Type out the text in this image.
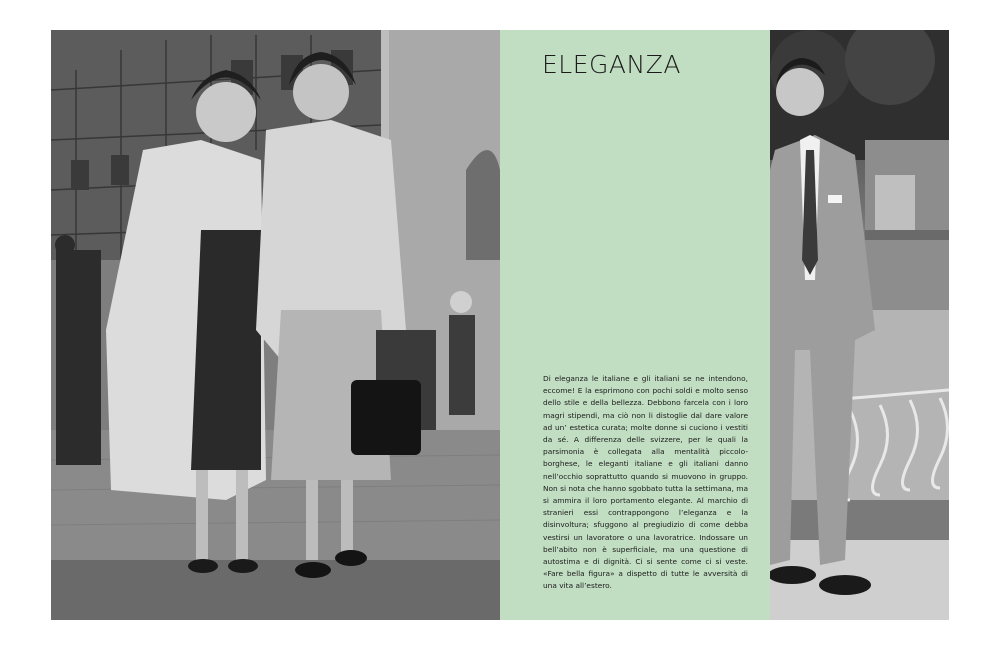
ELEGANZA

Di eleganza le italiane e gli italiani se ne intendono, eccome! E la esprimono con pochi soldi e molto senso dello stile e della bellezza. Debbono farcela con i loro magri stipendi, ma ciò non li distoglie dal dare valore ad un’ estetica curata; molte donne si cuciono i vestiti da sé. A differenza delle svizzere, per le quali la parsimonia è collegata alla mentalità piccolo-borghese, le eleganti italiane e gli italiani danno nell’occhio soprattutto quando si muovono in gruppo. Non si nota che hanno sgobbato tutta la settimana, ma si ammira il loro portamento elegante. Al marchio di stranieri essi contrappongono l’eleganza e la disinvoltura; sfuggono al pregiudizio di come debba vestirsi un lavoratore o una lavoratrice. Indossare un bell’abito non è superficiale, ma una questione di autostima e di dignità. Ci si sente come ci si veste. «Fare bella figura» a dispetto di tutte le avversità di una vita all’estero.
